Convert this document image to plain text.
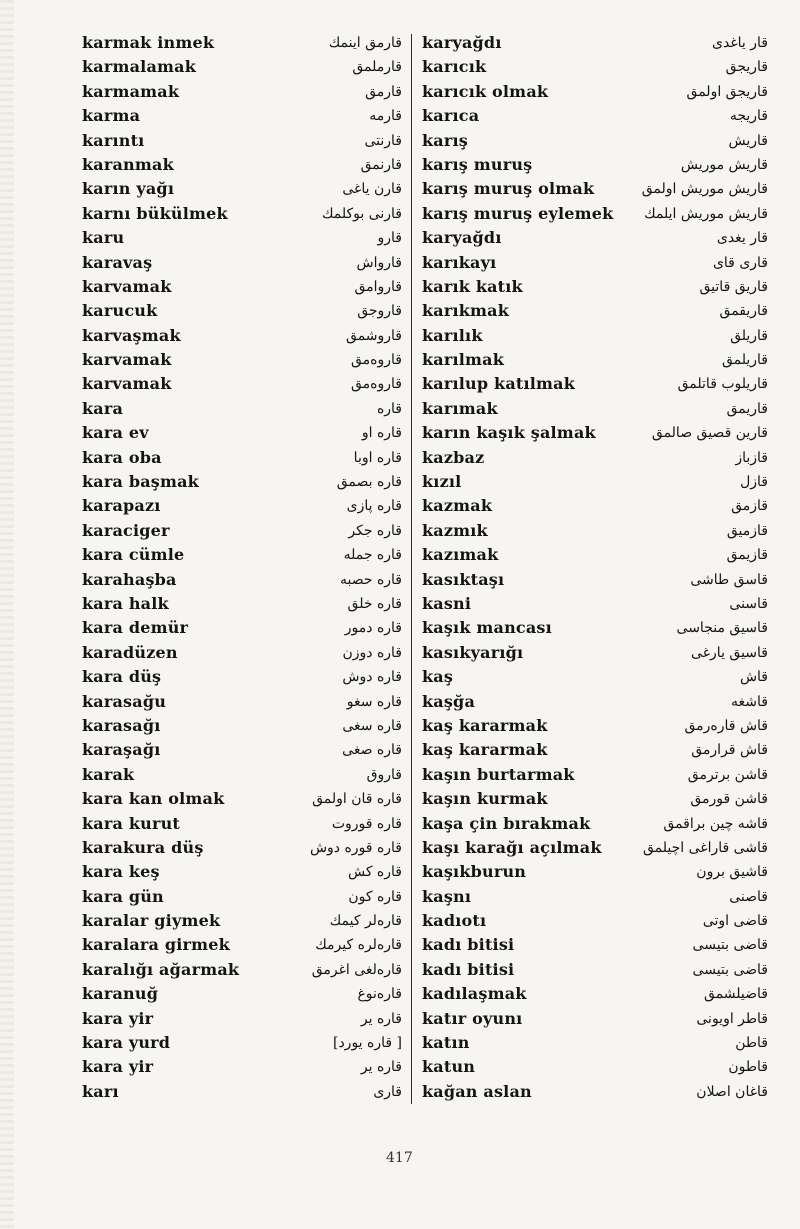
karmak inmek	قارمق اینمك
karmalamak	قارملمق
karmamak	قارمق
karma	قارمه
karıntı	قارنتی
karanmak	قارنمق
karın yağı	قارن یاغی
karnı bükülmek	قارنی بوكلمك
karu	قارو
karavaş	قارواش
karvamak	قاروامق
karucuk	قاروجق
karvaşmak	قاروشمق
karvamak	قاروەمق
karvamak	قاروەمق
kara	قاره
kara ev	قاره او
kara oba	قاره اوبا
kara başmak	قاره بصمق
karapazı	قاره پازی
karaciger	قاره جكر
kara cümle	قاره جمله
karahaşba	قاره حصبه
kara halk	قاره خلق
kara demür	قاره دمور
karadüzen	قاره دوزن
kara düş	قاره دوش
karasağu	قاره سغو
karasağı	قاره سغی
karaşağı	قاره صغی
karak	قاروق
kara kan olmak	قاره قان اولمق
kara kurut	قاره قوروت
karakura düş	قاره قوره دوش
kara keş	قاره كش
kara gün	قاره كون
karalar giymek	قارەلر كيمك
karalara girmek	قارەلره كيرمك
karalığı ağarmak	قارەلغی اغرمق
karanuğ	قارەنوغ
kara yir	قاره یر
kara yurd	[ قاره یورد]
kara yir	قاره یر
karı	قاری
karyağdı	قار یاغدی
karıcık	قاریجق
karıcık olmak	قاریجق اولمق
karıca	قاریجه
karış	قاریش
karış muruş	قاریش موریش
karış muruş olmak	قاریش موریش اولمق
karış muruş eylemek قاریش موریش ایلمك
karyağdı	قار یغدی
karıkayı	قاری قای
karık katık	قاریق قاتیق
karıkmak	قاریقمق
karılık	قاریلق
karılmak	قاریلمق
karılup katılmak	قاریلوب قاتلمق
karımak	قاریمق
karın kaşık şalmak	قارین قصیق صالمق
kazbaz	قازباز
kızıl	قازل
kazmak	قازمق
kazmık	قازمیق
kazımak	قازیمق
kasıktaşı	قاسق طاشی
kasni	قاسنی
kaşık mancası	قاسیق منجاسی
kasıkyarığı	قاسیق یارغی
kaş	قاش
kaşğa	قاشغه
kaş kararmak	قاش قارەرمق
kaş kararmak	قاش قرارمق
kaşın burtarmak	قاشن برترمق
kaşın kurmak	قاشن قورمق
kaşa çin bırakmak	قاشه چین براقمق
kaşı karağı açılmak	قاشی قاراغی اچیلمق
kaşıkburun	قاشیق برون
kaşnı	قاصنی
kadıotı	قاضی اوتی
kadı bitisi	قاضی بتیسی
kadı bitisi	قاضی بتیسی
kadılaşmak	قاضیلشمق
katır oyunı	قاطر اویونی
katın	قاطن
katun	قاطون
kağan aslan	قاغان اصلان
417
